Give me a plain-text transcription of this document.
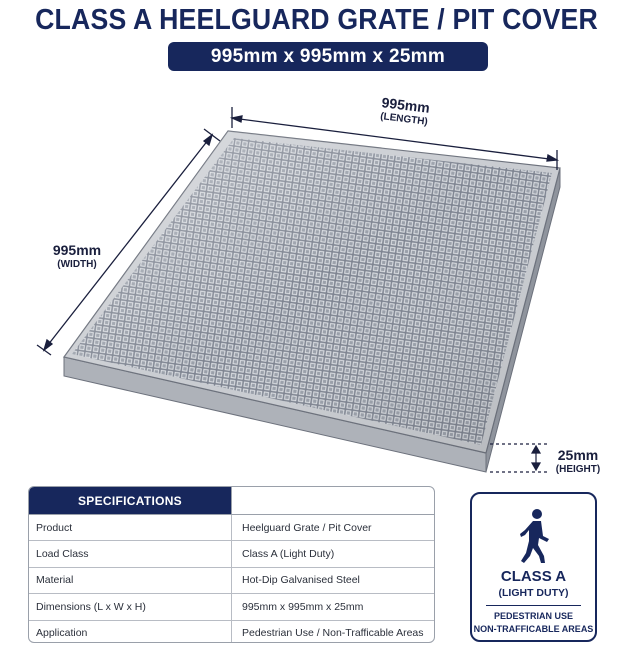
CLASS A HEELGUARD GRATE / PIT COVER
995mm x 995mm x 25mm
995mm
(LENGTH)
995mm
(WIDTH)
25mm
(HEIGHT)
SPECIFICATIONS
Product	Heelguard Grate / Pit Cover
Load Class	Class A (Light Duty)
Material	Hot-Dip Galvanised Steel
Dimensions (L x W x H)	995mm x 995mm x 25mm
Application	Pedestrian Use / Non-Trafficable Areas
CLASS A
(LIGHT DUTY)
PEDESTRIAN USE
NON-TRAFFICABLE AREAS
